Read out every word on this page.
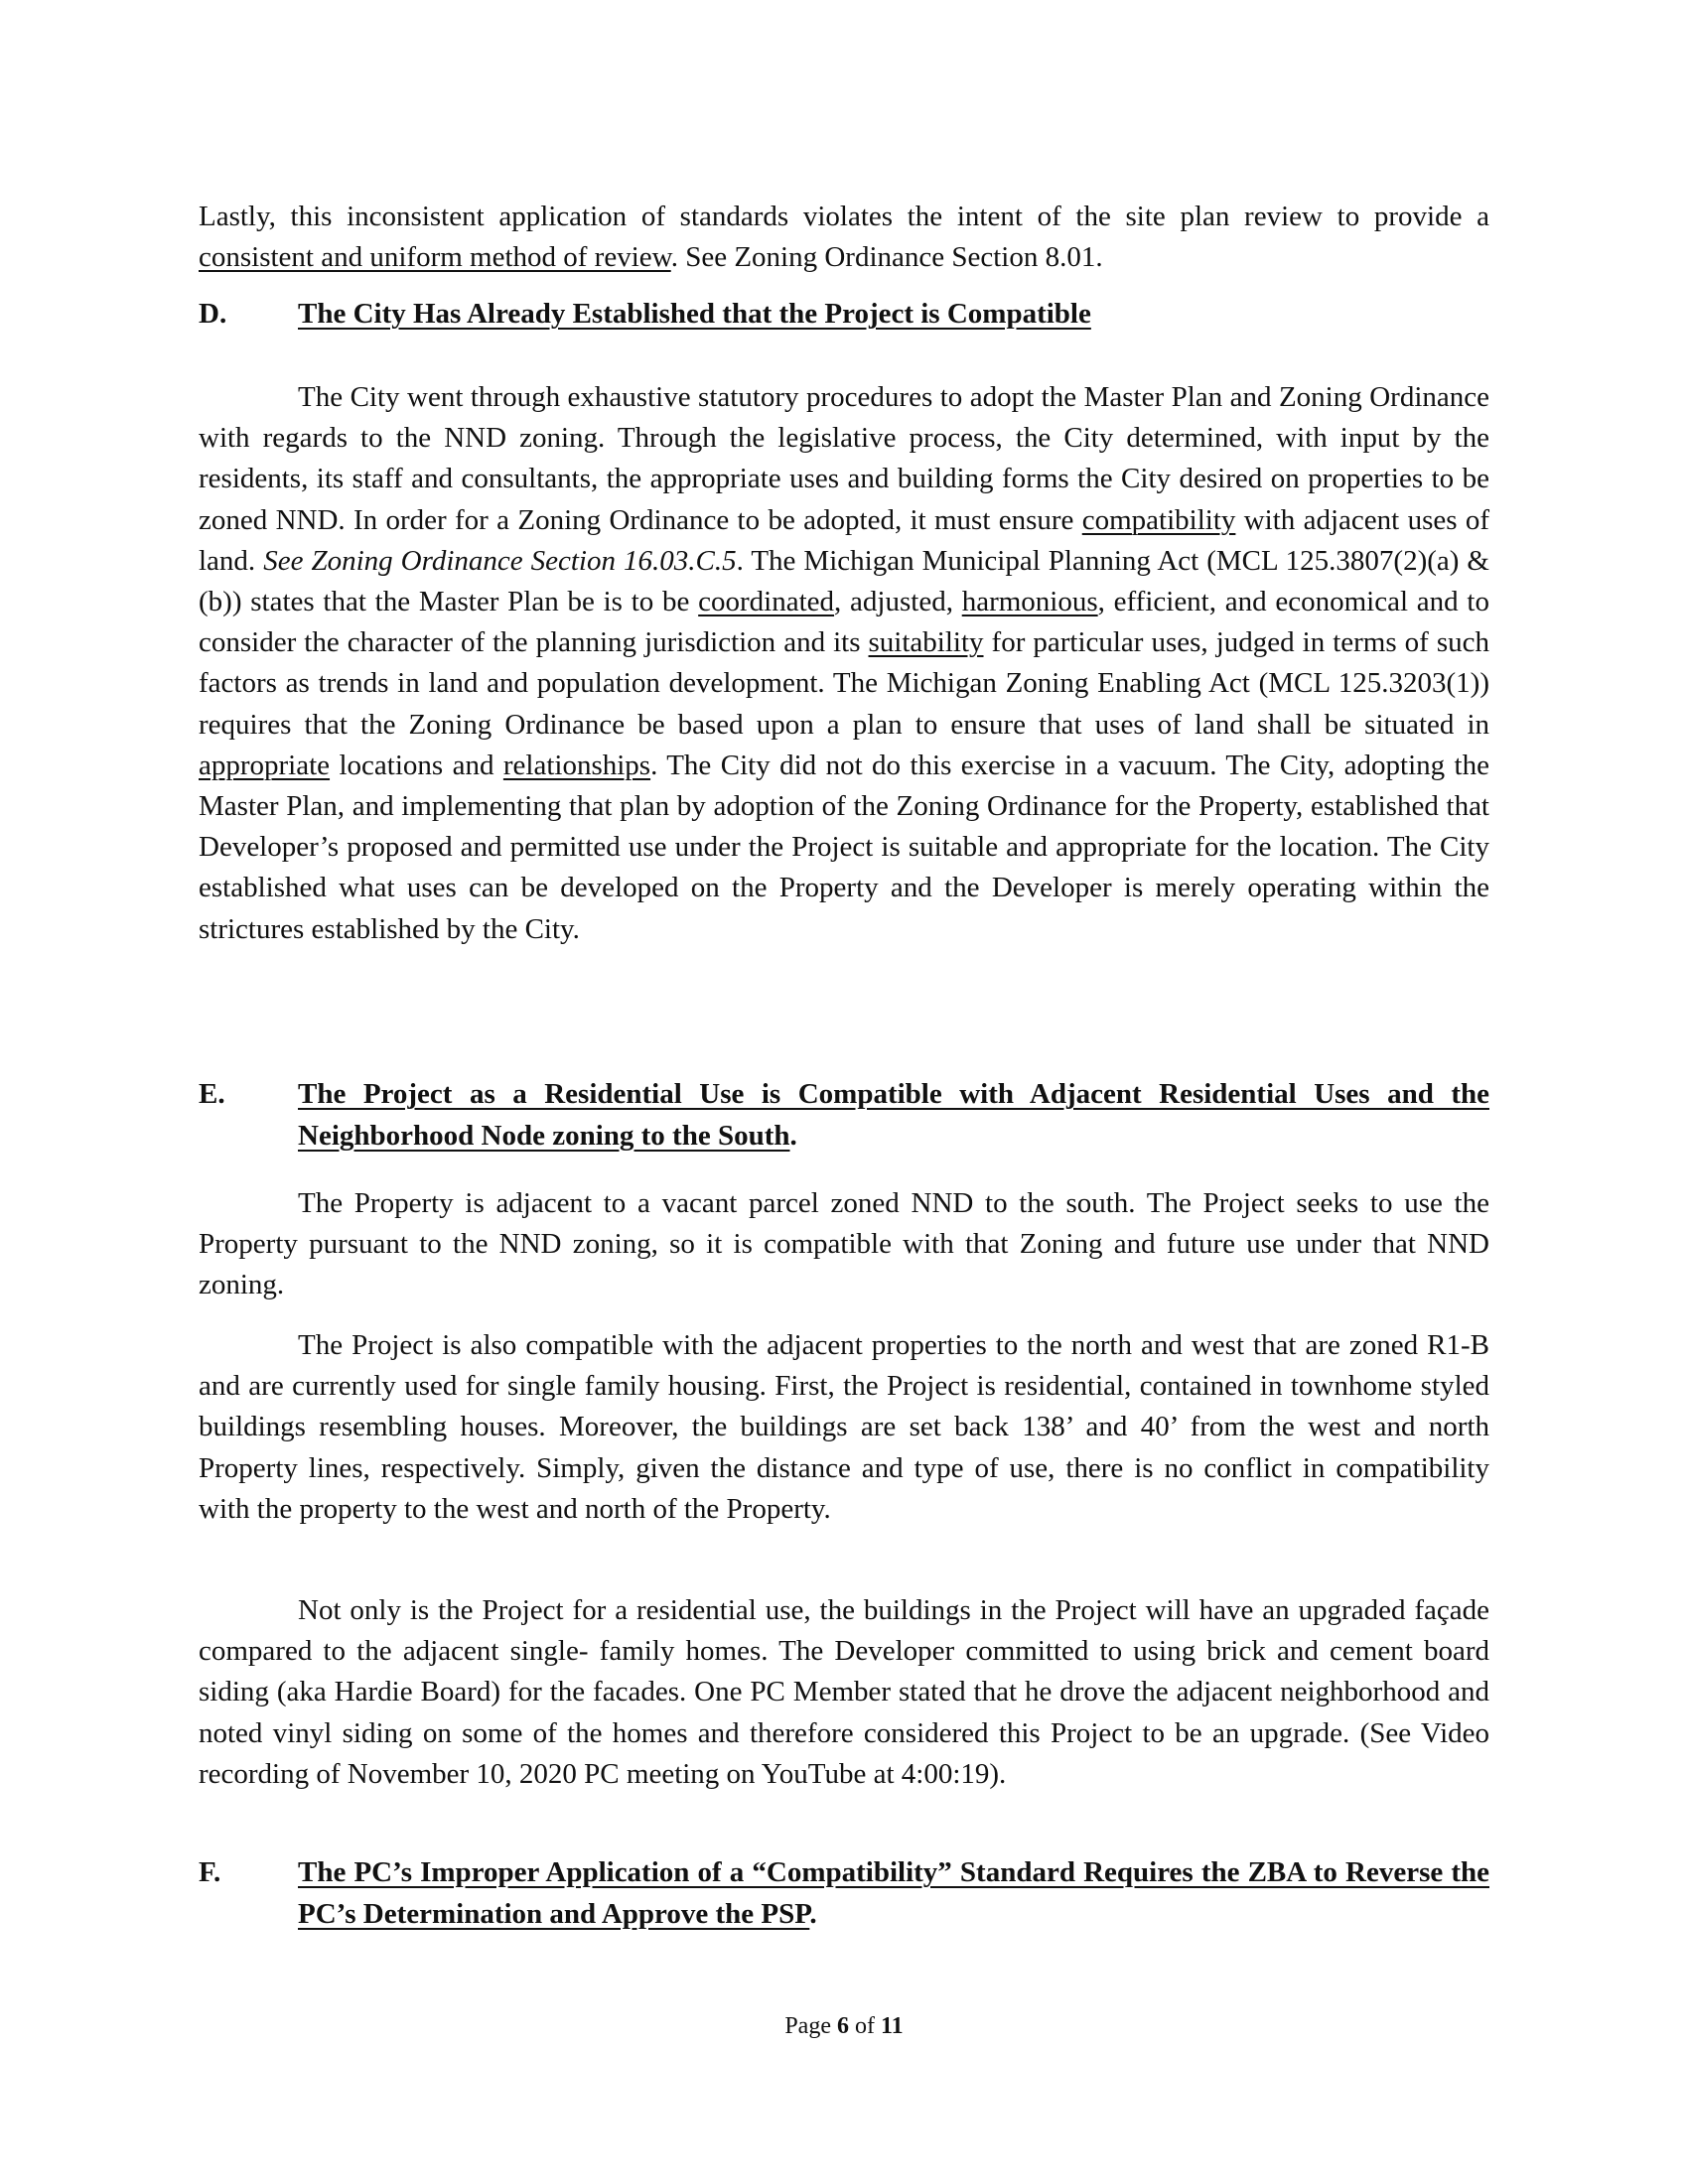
Lastly, this inconsistent application of standards violates the intent of the site plan review to provide a consistent and uniform method of review. See Zoning Ordinance Section 8.01.

D. The City Has Already Established that the Project is Compatible

The City went through exhaustive statutory procedures to adopt the Master Plan and Zoning Ordinance with regards to the NND zoning. Through the legislative process, the City determined, with input by the residents, its staff and consultants, the appropriate uses and building forms the City desired on properties to be zoned NND. In order for a Zoning Ordinance to be adopted, it must ensure compatibility with adjacent uses of land. See Zoning Ordinance Section 16.03.C.5. The Michigan Municipal Planning Act (MCL 125.3807(2)(a) &(b)) states that the Master Plan be is to be coordinated, adjusted, harmonious, efficient, and economical and to consider the character of the planning jurisdiction and its suitability for particular uses, judged in terms of such factors as trends in land and population development. The Michigan Zoning Enabling Act (MCL 125.3203(1)) requires that the Zoning Ordinance be based upon a plan to ensure that uses of land shall be situated in appropriate locations and relationships. The City did not do this exercise in a vacuum. The City, adopting the Master Plan, and implementing that plan by adoption of the Zoning Ordinance for the Property, established that Developer’s proposed and permitted use under the Project is suitable and appropriate for the location. The City established what uses can be developed on the Property and the Developer is merely operating within the strictures established by the City.

E.	The Project as a Residential Use is Compatible with Adjacent Residential Uses and the Neighborhood Node zoning to the South.

The Property is adjacent to a vacant parcel zoned NND to the south. The Project seeks to use the Property pursuant to the NND zoning, so it is compatible with that Zoning and future use under that NND zoning.

The Project is also compatible with the adjacent properties to the north and west that are zoned R1-B and are currently used for single family housing. First, the Project is residential, contained in townhome styled buildings resembling houses. Moreover, the buildings are set back 138’ and 40’ from the west and north Property lines, respectively. Simply, given the distance and type of use, there is no conflict in compatibility with the property to the west and north of the Property.

Not only is the Project for a residential use, the buildings in the Project will have an upgraded façade compared to the adjacent single- family homes. The Developer committed to using brick and cement board siding (aka Hardie Board) for the facades. One PC Member stated that he drove the adjacent neighborhood and noted vinyl siding on some of the homes and therefore considered this Project to be an upgrade. (See Video recording of November 10, 2020 PC meeting on YouTube at 4:00:19).

F.	The PC’s Improper Application of a “Compatibility” Standard Requires the ZBA to Reverse the PC’s Determination and Approve the PSP.

Page 6 of 11
